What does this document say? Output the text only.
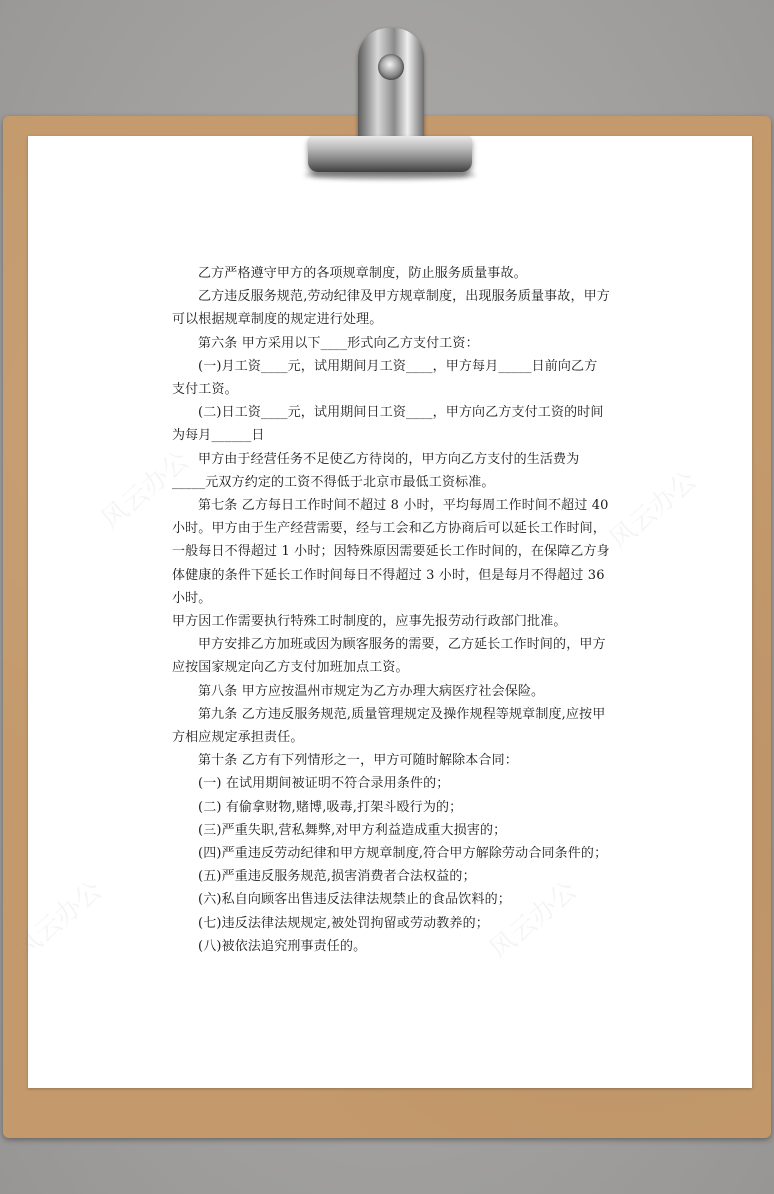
乙方严格遵守甲方的各项规章制度，防止服务质量事故。

乙方违反服务规范,劳动纪律及甲方规章制度，出现服务质量事故，甲方可以根据规章制度的规定进行处理。

第六条 甲方采用以下____形式向乙方支付工资：

(一)月工资____元，试用期间月工资____，甲方每月_____日前向乙方支付工资。

(二)日工资____元，试用期间日工资____，甲方向乙方支付工资的时间为每月______日

甲方由于经营任务不足使乙方待岗的，甲方向乙方支付的生活费为_____元双方约定的工资不得低于北京市最低工资标准。

第七条 乙方每日工作时间不超过 8 小时，平均每周工作时间不超过 40 小时。甲方由于生产经营需要，经与工会和乙方协商后可以延长工作时间，一般每日不得超过 1 小时；因特殊原因需要延长工作时间的，在保障乙方身体健康的条件下延长工作时间每日不得超过 3 小时，但是每月不得超过 36 小时。

甲方因工作需要执行特殊工时制度的，应事先报劳动行政部门批准。

甲方安排乙方加班或因为顾客服务的需要，乙方延长工作时间的，甲方应按国家规定向乙方支付加班加点工资。

第八条 甲方应按温州市规定为乙方办理大病医疗社会保险。

第九条 乙方违反服务规范,质量管理规定及操作规程等规章制度,应按甲方相应规定承担责任。

第十条 乙方有下列情形之一，甲方可随时解除本合同：

(一) 在试用期间被证明不符合录用条件的；

(二) 有偷拿财物,赌博,吸毒,打架斗殴行为的；

(三)严重失职,营私舞弊,对甲方利益造成重大损害的；

(四)严重违反劳动纪律和甲方规章制度,符合甲方解除劳动合同条件的；

(五)严重违反服务规范,损害消费者合法权益的；

(六)私自向顾客出售违反法律法规禁止的食品饮料的；

(七)违反法律法规规定,被处罚拘留或劳动教养的；

(八)被依法追究刑事责任的。
